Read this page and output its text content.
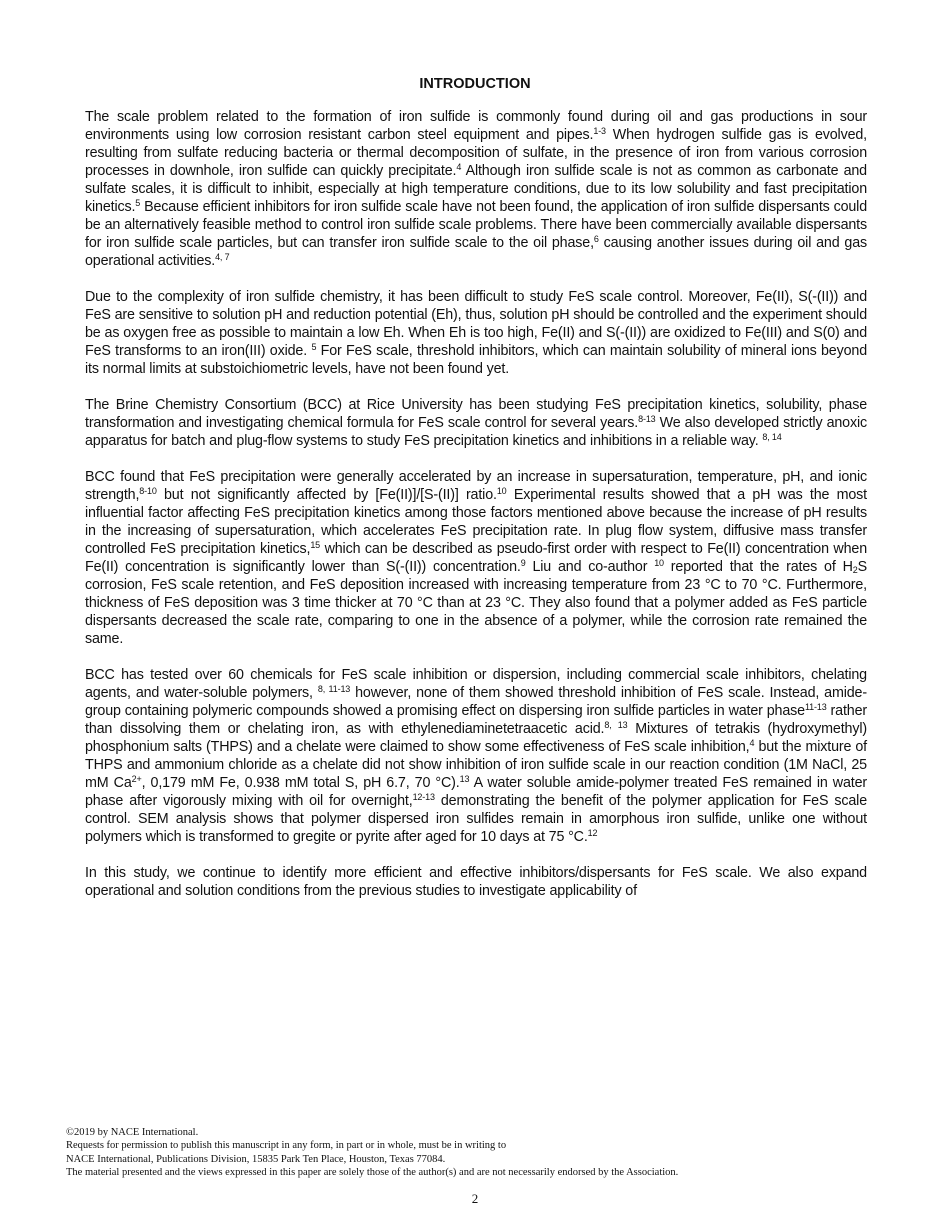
INTRODUCTION

The scale problem related to the formation of iron sulfide is commonly found during oil and gas productions in sour environments using low corrosion resistant carbon steel equipment and pipes.$^{1-3}$ When hydrogen sulfide gas is evolved, resulting from sulfate reducing bacteria or thermal decomposition of sulfate, in the presence of iron from various corrosion processes in downhole, iron sulfide can quickly precipitate.$^4$ Although iron sulfide scale is not as common as carbonate and sulfate scales, it is difficult to inhibit, especially at high temperature conditions, due to its low solubility and fast precipitation kinetics.$^5$ Because efficient inhibitors for iron sulfide scale have not been found, the application of iron sulfide dispersants could be an alternatively feasible method to control iron sulfide scale problems. There have been commercially available dispersants for iron sulfide scale particles, but can transfer iron sulfide scale to the oil phase,$^6$ causing another issues during oil and gas operational activities.$^{4, 7}$

Due to the complexity of iron sulfide chemistry, it has been difficult to study FeS scale control. Moreover, Fe(II), S(-(II)) and FeS are sensitive to solution pH and reduction potential (Eh), thus, solution pH should be controlled and the experiment should be as oxygen free as possible to maintain a low Eh. When Eh is too high, Fe(II) and S(-(II)) are oxidized to Fe(III) and S(0) and FeS transforms to an iron(III) oxide. $^5$ For FeS scale, threshold inhibitors, which can maintain solubility of mineral ions beyond its normal limits at substoichiometric levels, have not been found yet.

The Brine Chemistry Consortium (BCC) at Rice University has been studying FeS precipitation kinetics, solubility, phase transformation and investigating chemical formula for FeS scale control for several years.$^{8-13}$ We also developed strictly anoxic apparatus for batch and plug-flow systems to study FeS precipitation kinetics and inhibitions in a reliable way. $^{8, 14}$

BCC found that FeS precipitation were generally accelerated by an increase in supersaturation, temperature, pH, and ionic strength,$^{8-10}$ but not significantly affected by [Fe(II)]/[S-(II)] ratio.$^{10}$ Experimental results showed that a pH was the most influential factor affecting FeS precipitation kinetics among those factors mentioned above because the increase of pH results in the increasing of supersaturation, which accelerates FeS precipitation rate. In plug flow system, diffusive mass transfer controlled FeS precipitation kinetics,$^{15}$ which can be described as pseudo-first order with respect to Fe(II) concentration when Fe(II) concentration is significantly lower than S(-(II)) concentration.$^9$ Liu and co-author $^{10}$ reported that the rates of $H_2S$ corrosion, FeS scale retention, and FeS deposition increased with increasing temperature from 23 °C to 70 °C. Furthermore, thickness of FeS deposition was 3 time thicker at 70 °C than at 23 °C. They also found that a polymer added as FeS particle dispersants decreased the scale rate, comparing to one in the absence of a polymer, while the corrosion rate remained the same.

BCC has tested over 60 chemicals for FeS scale inhibition or dispersion, including commercial scale inhibitors, chelating agents, and water-soluble polymers, $^{8, 11-13}$ however, none of them showed threshold inhibition of FeS scale. Instead, amide-group containing polymeric compounds showed a promising effect on dispersing iron sulfide particles in water phase$^{11-13}$ rather than dissolving them or chelating iron, as with ethylenediaminetetraacetic acid.$^{8, 13}$ Mixtures of tetrakis (hydroxymethyl) phosphonium salts (THPS) and a chelate were claimed to show some effectiveness of FeS scale inhibition,$^4$ but the mixture of THPS and ammonium chloride as a chelate did not show inhibition of iron sulfide scale in our reaction condition (1M NaCl, 25 mM $Ca^{2+}$, 0,179 mM Fe, 0.938 mM total S, pH 6.7, 70 °C).$^{13}$ A water soluble amide-polymer treated FeS remained in water phase after vigorously mixing with oil for overnight,$^{12-13}$ demonstrating the benefit of the polymer application for FeS scale control. SEM analysis shows that polymer dispersed iron sulfides remain in amorphous iron sulfide, unlike one without polymers which is transformed to gregite or pyrite after aged for 10 days at 75 °C.$^{12}$

In this study, we continue to identify more efficient and effective inhibitors/dispersants for FeS scale. We also expand operational and solution conditions from the previous studies to investigate applicability of

©2019 by NACE International.
Requests for permission to publish this manuscript in any form, in part or in whole, must be in writing to
NACE International, Publications Division, 15835 Park Ten Place, Houston, Texas 77084.
The material presented and the views expressed in this paper are solely those of the author(s) and are not necessarily endorsed by the Association.
2
